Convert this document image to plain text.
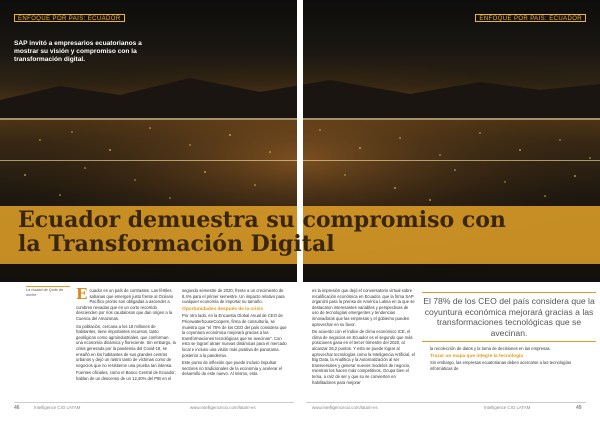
ENFOQUE POR PAÍS: ECUADOR	ENFOQUE POR PAÍS: ECUADOR
SAP invitó a empresarios ecuatorianos a mostrar su visión y compromiso con la transformación digital.
Ecuador demuestra su compromiso con la Transformación Digital
La ciudad de Quito de noche	Ecuador es un país de contrastes. Las fértiles sabanas que emergen justo frente al Océano Pacífico pronto son obligadas a ascender a cumbres nevadas que en un corto recorrido descienden por ríos caudalosos que dan origen a la Cuenca del Amazonas.

Su población, cercana a los 18 millones de habitantes, tiene importantes recursos, tanto geológicos como agroindustriales, que conforman una economía dinámica y floreciente. Sin embargo, la crisis generada por la pandemia del Covid-19, se ensañó en los habitantes de sus grandes centros urbanos y dejó un rastro tanto de víctimas como de negocios que no resistieron una prueba tan intensa.

Fuentes oficiales, como el Banco Central de Ecuador, hablan de un descenso de un 12,40% del PIB en el

segundo semestre de 2020, frente a un crecimiento de 8,4% para el primer semestre. Un impacto relativo para cualquier economía de importar su tamaño.

Oportunidades después de la crisis

Por otro lado, en la Encuesta Global Anual de CEO de PricewaterhouseCoopers, firma de consultoría, se muestra que "el 78% de los CEO del país considera que la coyuntura económica mejorará gracias a las transformaciones tecnológicas que se avecinan". Con esto se lograrí atraer nuevas dinámicas para el mercado local e incluso una visión más positiva de panorama posterior a la pandemia.

Este punto de inflexión que puede incluso impulsar sectores no tradicionales de la economía y acelerar el desarrollo de este nuevo. Al mismo, esta

es la impresión que dejó el conversatorio virtual sobre recalificación económica en Ecuador, que la firma SAP organizó para la prensa de América Latina en la que se destacaron interesantes variables y perspectivas de uso de tecnologías emergentes y tendencias innovadoras que las empresas y el gobierno pueden aprovechar en su favor.

De acuerdo con el índice de clima económico ICE, el clima de negocios en Ecuador es el segundo que más posiciones gana en el tercer trimestre del 2020, al alcanzar 26,2 puntos. Y esto se puede lograr al aprovechar tecnologías como la Inteligencia Artificial, el Big Data, la Analítica y la Automatización al ser transversales y generar nuevos modelos de negocio, mientras los hacen más competitivos. Ocupa bien el tema, a raíz de ser y que su se convierten en habilitadores para mejorar

El 78% de los CEO del país considera que la coyuntura económica mejorará gracias a las transformaciones tecnológicas que se avecinan.

la recolección de datos y la toma de decisiones en las empresas.

Trazar un mapa que integre la tecnología

Sin embargo, las empresas ecuatorianas deben acercarse a las tecnologías informáticas de

46	Intelligence CIO LATAM	www.intelligencecio.com/latam-es	www.intelligencecio.com/latam-es	Intelligence CIO LATAM	49
